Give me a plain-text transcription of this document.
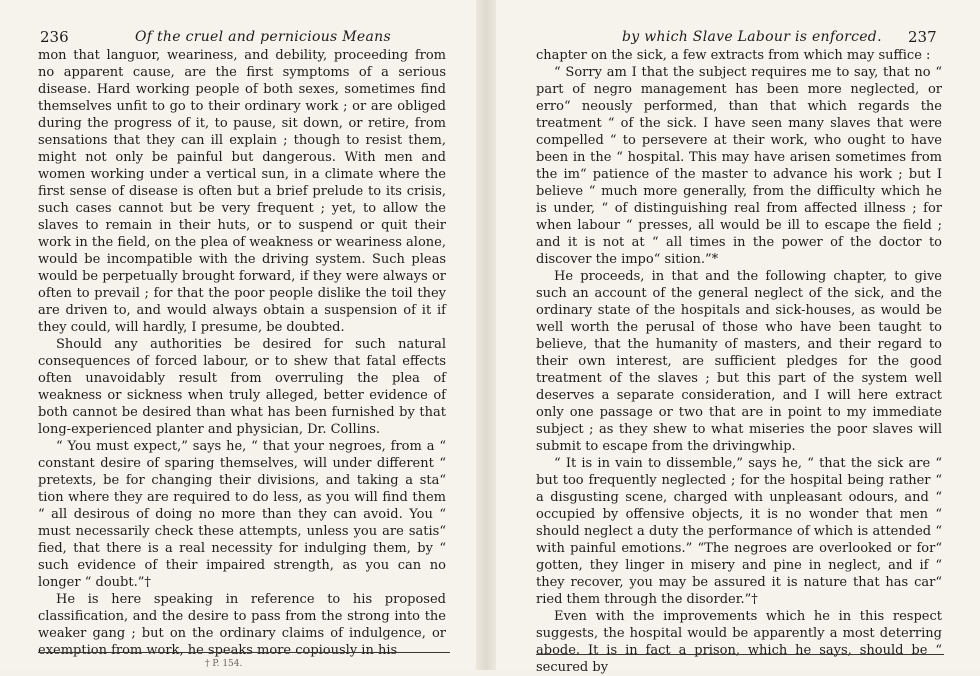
236	Of the cruel and pernicious Means

mon that languor, weariness, and debility, proceeding from no apparent cause, are the first symptoms of a serious disease. Hard working people of both sexes, sometimes find themselves unfit to go to their ordinary work ; or are obliged during the progress of it, to pause, sit down, or retire, from sensations that they can ill explain ; though to resist them, might not only be painful but dangerous. With men and women working under a vertical sun, in a climate where the first sense of disease is often but a brief prelude to its crisis, such cases cannot but be very frequent ; yet, to allow the slaves to remain in their huts, or to suspend or quit their work in the field, on the plea of weakness or weariness alone, would be incompatible with the driving system. Such pleas would be perpetually brought forward, if they were always or often to prevail ; for that the poor people dislike the toil they are driven to, and would always obtain a suspension of it if they could, will hardly, I presume, be doubted.

Should any authorities be desired for such natural consequences of forced labour, or to shew that fatal effects often unavoidably result from overruling the plea of weakness or sickness when truly alleged, better evidence of both cannot be desired than what has been furnished by that long-experienced planter and physician, Dr. Collins.

“ You must expect,” says he, “ that your negroes, from a “ constant desire of sparing themselves, will under different “ pretexts, be for changing their divisions, and taking a sta“ tion where they are required to do less, as you will find them “ all desirous of doing no more than they can avoid. You “ must necessarily check these attempts, unless you are satis“ fied, that there is a real necessity for indulging them, by “ such evidence of their impaired strength, as you can no longer “ doubt.”†

He is here speaking in reference to his proposed classification, and the desire to pass from the strong into the weaker gang ; but on the ordinary claims of indulgence, or exemption from work, he speaks more copiously in his

† P. 154.
by which Slave Labour is enforced. 237

chapter on the sick, a few extracts from which may suffice :

“ Sorry am I that the subject requires me to say, that no “ part of negro management has been more neglected, or erro“ neously performed, than that which regards the treatment “ of the sick. I have seen many slaves that were compelled “ to persevere at their work, who ought to have been in the “ hospital. This may have arisen sometimes from the im“ patience of the master to advance his work ; but I believe “ much more generally, from the difficulty which he is under, “ of distinguishing real from affected illness ; for when labour “ presses, all would be ill to escape the field ; and it is not at “ all times in the power of the doctor to discover the impo“ sition.”*

He proceeds, in that and the following chapter, to give such an account of the general neglect of the sick, and the ordinary state of the hospitals and sick-houses, as would be well worth the perusal of those who have been taught to believe, that the humanity of masters, and their regard to their own interest, are sufficient pledges for the good treatment of the slaves ; but this part of the system well deserves a separate consideration, and I will here extract only one passage or two that are in point to my immediate subject ; as they shew to what miseries the poor slaves will submit to escape from the drivingwhip.

“ It is in vain to dissemble,” says he, “ that the sick are “ but too frequently neglected ; for the hospital being rather “ a disgusting scene, charged with unpleasant odours, and “ occupied by offensive objects, it is no wonder that men “ should neglect a duty the performance of which is attended “ with painful emotions.” “The negroes are overlooked or for“ gotten, they linger in misery and pine in neglect, and if “ they recover, you may be assured it is nature that has car“ ried them through the disorder.”†

Even with the improvements which he in this respect suggests, the hospital would be apparently a most deterring abode. It is in fact a prison, which he says, should be “ secured by
